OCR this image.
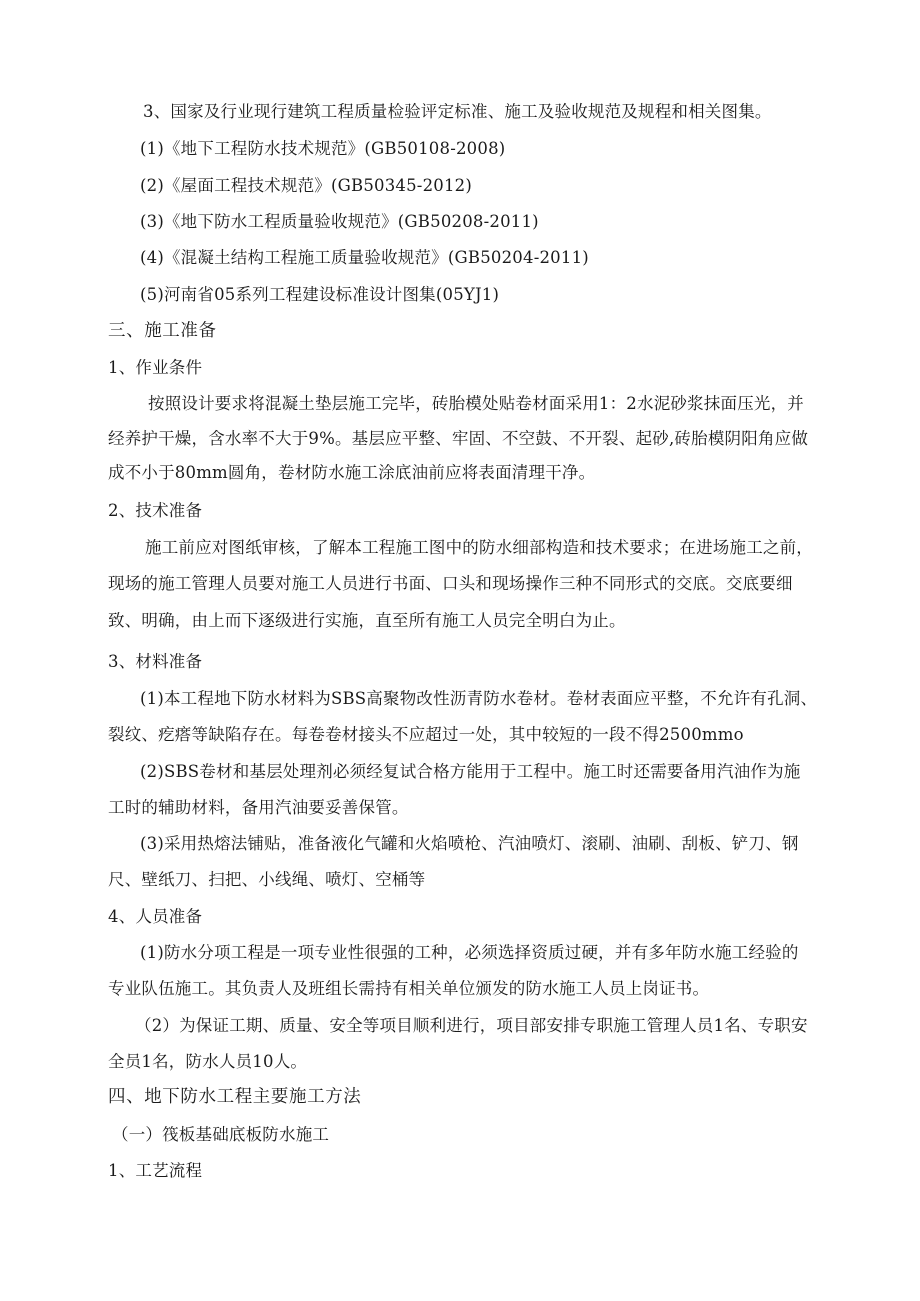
3、国家及行业现行建筑工程质量检验评定标准、施工及验收规范及规程和相关图集。
(1)《地下工程防水技术规范》(GB50108-2008)
(2)《屋面工程技术规范》(GB50345-2012)
(3)《地下防水工程质量验收规范》(GB50208-2011)
(4)《混凝土结构工程施工质量验收规范》(GB50204-2011)
(5)河南省05系列工程建设标准设计图集(05YJ1)
三、施工准备
1、作业条件
按照设计要求将混凝土垫层施工完毕，砖胎模处贴卷材面采用1：2水泥砂浆抹面压光，并
经养护干燥，含水率不大于9%。基层应平整、牢固、不空鼓、不开裂、起砂,砖胎模阴阳角应做
成不小于80mm圆角，卷材防水施工涂底油前应将表面清理干净。
2、技术准备
施工前应对图纸审核，了解本工程施工图中的防水细部构造和技术要求；在进场施工之前，
现场的施工管理人员要对施工人员进行书面、口头和现场操作三种不同形式的交底。交底要细
致、明确，由上而下逐级进行实施，直至所有施工人员完全明白为止。
3、材料准备
(1)本工程地下防水材料为SBS高聚物改性沥青防水卷材。卷材表面应平整，不允许有孔洞、
裂纹、疙瘩等缺陷存在。每卷卷材接头不应超过一处，其中较短的一段不得2500mmo
(2)SBS卷材和基层处理剂必须经复试合格方能用于工程中。施工时还需要备用汽油作为施
工时的辅助材料，备用汽油要妥善保管。
(3)采用热熔法铺贴，准备液化气罐和火焰喷枪、汽油喷灯、滚刷、油刷、刮板、铲刀、钢
尺、壁纸刀、扫把、小线绳、喷灯、空桶等
4、人员准备
(1)防水分项工程是一项专业性很强的工种，必须选择资质过硬，并有多年防水施工经验的
专业队伍施工。其负责人及班组长需持有相关单位颁发的防水施工人员上岗证书。
（2）为保证工期、质量、安全等项目顺利进行，项目部安排专职施工管理人员1名、专职安
全员1名，防水人员10人。
四、地下防水工程主要施工方法
（一）筏板基础底板防水施工
1、工艺流程
